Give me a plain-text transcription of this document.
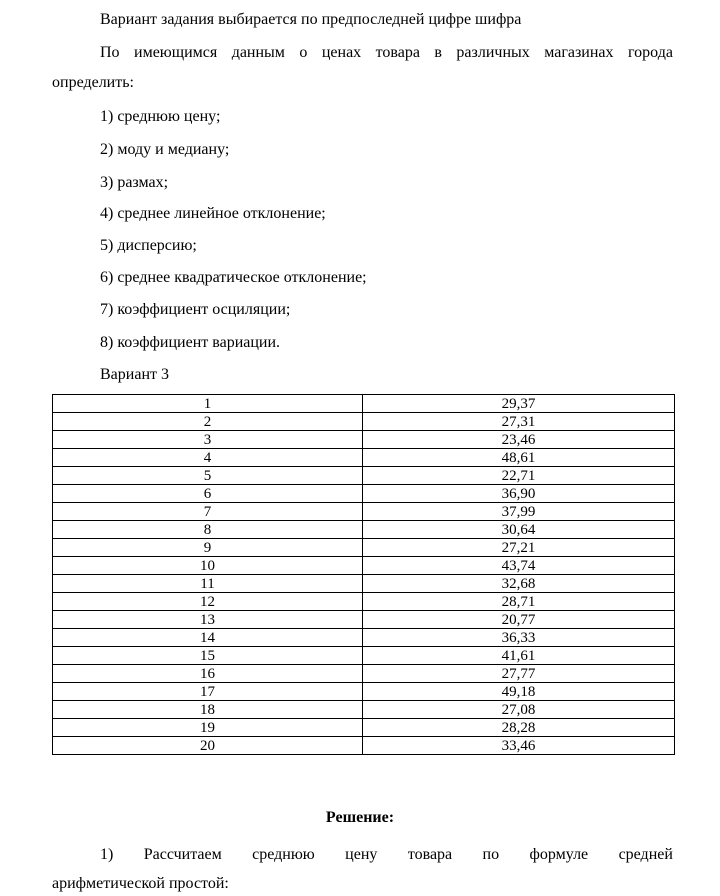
Вариант задания выбирается по предпоследней цифре шифра
По имеющимся данным о ценах товара в различных магазинах города
определить:
1) среднюю цену;
2) моду и медиану;
3) размах;
4) среднее линейное отклонение;
5) дисперсию;
6) среднее квадратическое отклонение;
7) коэффициент осциляции;
8) коэффициент вариации.
Вариант 3
1	29,37
2	27,31
3	23,46
4	48,61
5	22,71
6	36,90
7	37,99
8	30,64
9	27,21
10	43,74
11	32,68
12	28,71
13	20,77
14	36,33
15	41,61
16	27,77
17	49,18
18	27,08
19	28,28
20	33,46
Решение:
1) Рассчитаем среднюю цену товара по формуле средней
арифметической простой:
